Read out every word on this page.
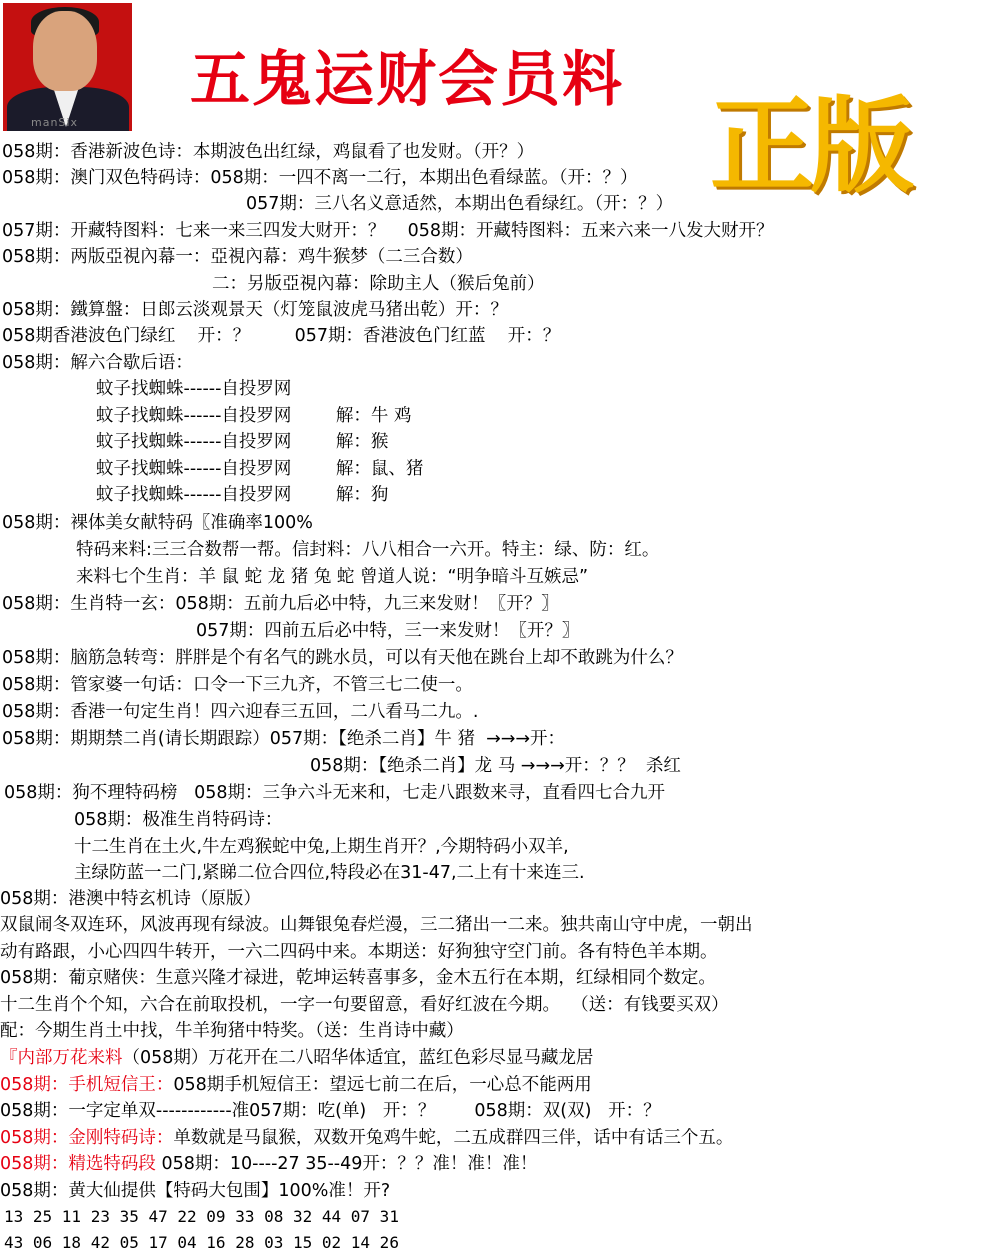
manSix
五鬼运财会员料
正版
058期：香港新波色诗：本期波色出红绿，鸡鼠看了也发财。（开？）
058期：澳门双色特码诗：058期：一四不离一二行，本期出色看绿蓝。（开：？）
057期：三八名义意适然，本期出色看绿红。（开：？）
057期：开藏特图料：七来一来三四发大财开：？    058期：开藏特图料：五来六来一八发大财开？
058期：两版亞視內幕一：亞視內幕：鸡牛猴梦（二三合数）
二：另版亞視內幕：除助主人（猴后兔前）
058期：鐵算盤：日郎云淡观景天（灯笼鼠波虎马猪出乾）开：？
058期香港波色门绿红    开：？        057期：香港波色门红蓝    开：？
058期：解六合歇后语：
蚊子找蜘蛛------自投罗网
蚊子找蜘蛛------自投罗网        解：牛 鸡
蚊子找蜘蛛------自投罗网        解：猴
蚊子找蜘蛛------自投罗网        解：鼠、猪
蚊子找蜘蛛------自投罗网        解：狗
058期：裸体美女献特码〖准确率100%
特码来料:三三合数帮一帮。信封料：八八相合一六开。特主：绿、防：红。
来料七个生肖：羊 鼠 蛇 龙 猪 兔 蛇 曾道人说：“明争暗斗互嫉忌”
058期：生肖特一玄：058期：五前九后必中特，九三来发财！〖开？〗
057期：四前五后必中特，三一来发财！〖开？〗
058期：脑筋急转弯：胖胖是个有名气的跳水员，可以有天他在跳台上却不敢跳为什么？
058期：管家婆一句话：口令一下三九齐，不管三七二使一。
058期：香港一句定生肖！四六迎春三五回，二八看马二九。.
058期：期期禁二肖(请长期跟踪）057期：【绝杀二肖】牛 猪  →→→开：
058期：【绝杀二肖】龙 马 →→→开：？？  杀红
058期：狗不理特码榜   058期：三争六斗无来和，七走八跟数来寻，直看四七合九开
058期：极准生肖特码诗：
十二生肖在土火,牛左鸡猴蛇中兔,上期生肖开？,今期特码小双羊,
主绿防蓝一二门,紧睇二位合四位,特段必在31-47,二上有十来连三.
058期：港澳中特玄机诗（原版）
双鼠闹冬双连环，风波再现有绿波。山舞银兔春烂漫，三二猪出一二来。独共南山守中虎，一朝出
动有路跟，小心四四牛转开，一六二四码中来。本期送：好狗独守空门前。各有特色羊本期。
058期：葡京赌侠：生意兴隆才禄进，乾坤运转喜事多，金木五行在本期，红绿相同个数定。
十二生肖个个知，六合在前取投机，一字一句要留意，看好红波在今期。  （送：有钱要买双）
配：今期生肖土中找，牛羊狗猪中特奖。（送：生肖诗中藏）
『内部万花来料（058期）万花开在二八昭华体适宜，蓝红色彩尽显马藏龙居
058期：手机短信王：058期手机短信王：望远七前二在后，一心总不能两用
058期：一字定单双------------准057期：吃(单)   开：？       058期：双(双)   开：？
058期：金刚特码诗：单数就是马鼠猴，双数开兔鸡牛蛇，二五成群四三伴，话中有话三个五。
058期：精选特码段 058期：10----27 35--49开：？？准！准！准！
058期：黄大仙提供【特码大包围】100%准！开?
13 25 11 23 35 47 22 09 33 08 32 44 07 31
43 06 18 42 05 17 04 16 28 03 15 02 14 26
